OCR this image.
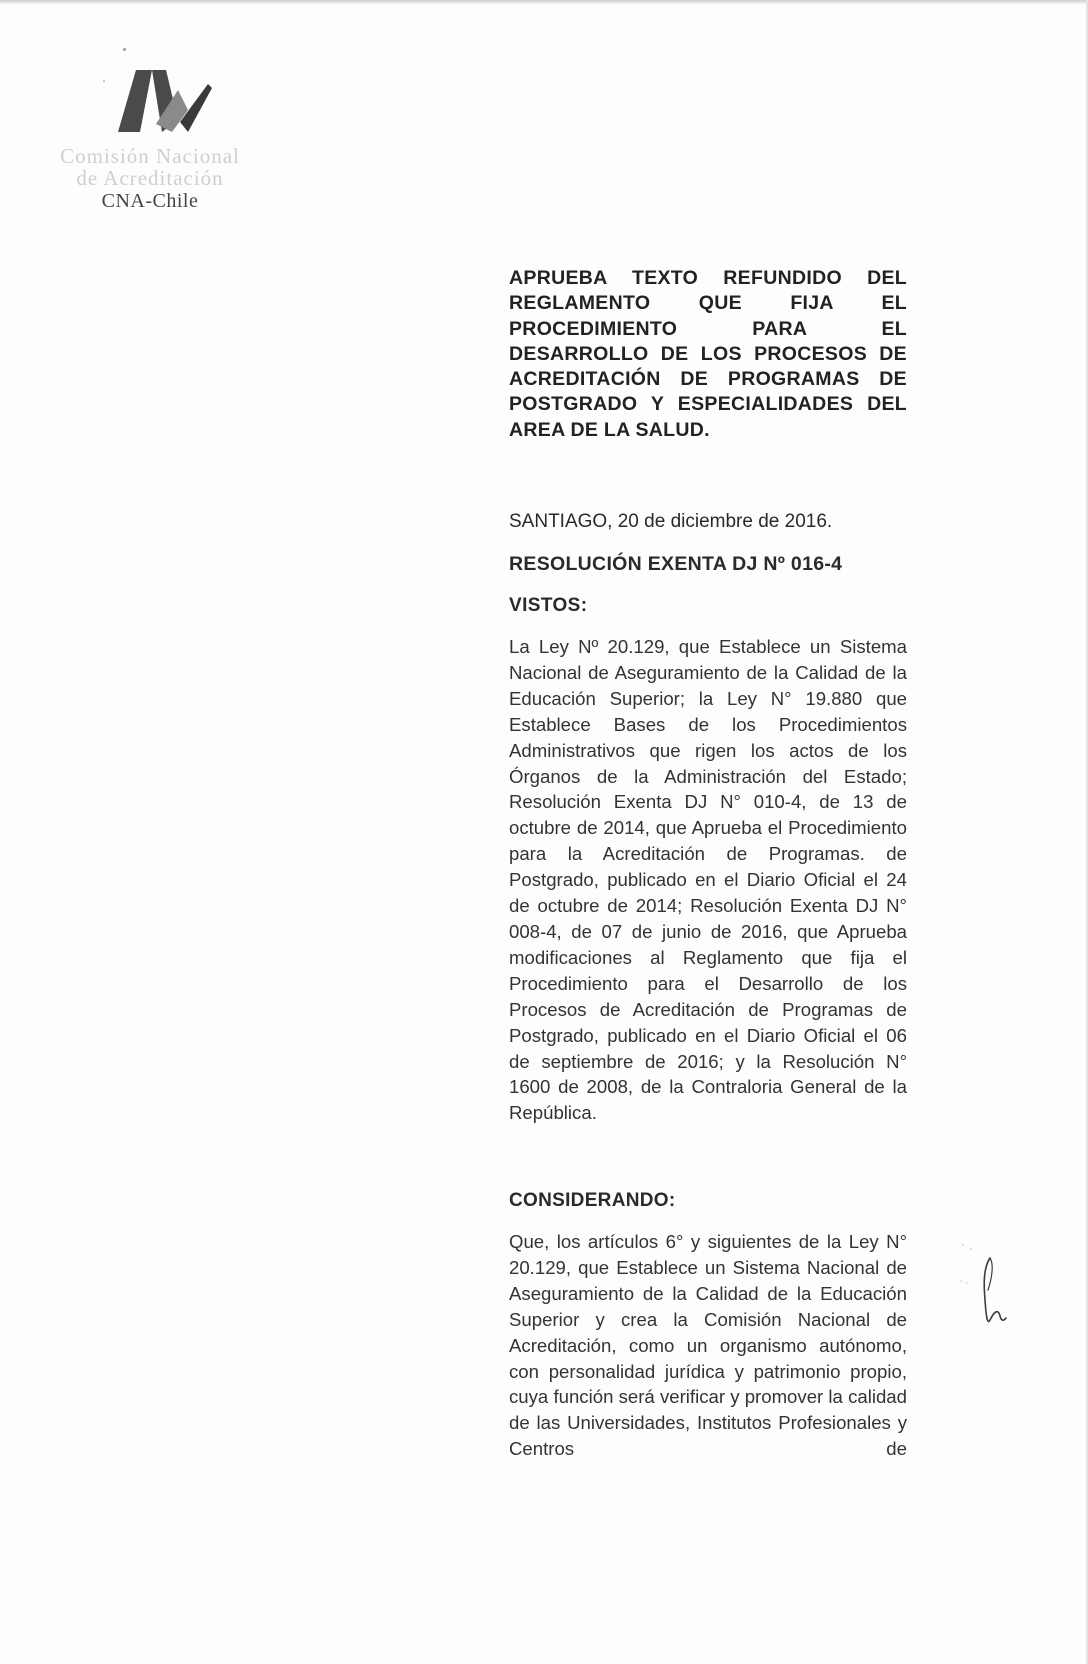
Comisión Nacional
de Acreditación
CNA-Chile
APRUEBA TEXTO REFUNDIDO DEL REGLAMENTO QUE FIJA EL PROCEDIMIENTO PARA EL DESARROLLO DE LOS PROCESOS DE ACREDITACIÓN DE PROGRAMAS DE POSTGRADO Y ESPECIALIDADES DEL AREA DE LA SALUD.
SANTIAGO, 20 de diciembre de 2016.
RESOLUCIÓN EXENTA DJ Nº 016-4
VISTOS:
La Ley Nº 20.129, que Establece un Sistema Nacional de Aseguramiento de la Calidad de la Educación Superior; la Ley N° 19.880 que Establece Bases de los Procedimientos Administrativos que rigen los actos de los Órganos de la Administración del Estado; Resolución Exenta DJ N° 010-4, de 13 de octubre de 2014, que Aprueba el Procedimiento para la Acreditación de Programas. de Postgrado, publicado en el Diario Oficial el 24 de octubre de 2014; Resolución Exenta DJ N° 008-4, de 07 de junio de 2016, que Aprueba modificaciones al Reglamento que fija el Procedimiento para el Desarrollo de los Procesos de Acreditación de Programas de Postgrado, publicado en el Diario Oficial el 06 de septiembre de 2016; y la Resolución N° 1600 de 2008, de la Contraloria General de la República.
CONSIDERANDO:
Que, los artículos 6° y siguientes de la Ley N° 20.129, que Establece un Sistema Nacional de Aseguramiento de la Calidad de la Educación Superior y crea la Comisión Nacional de Acreditación, como un organismo autónomo, con personalidad jurídica y patrimonio propio, cuya función será verificar y promover la calidad de las Universidades, Institutos Profesionales y Centros de
